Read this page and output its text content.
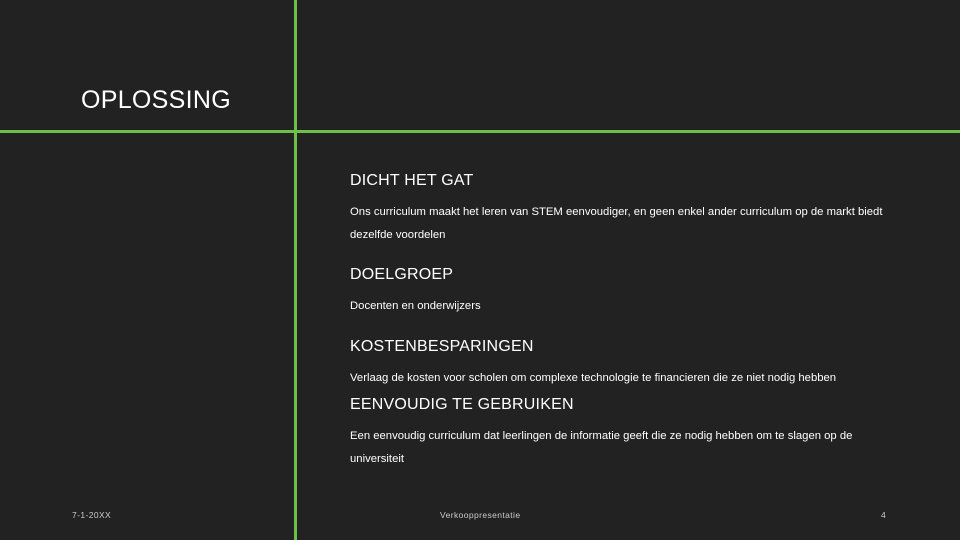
OPLOSSING
DICHT HET GAT
Ons curriculum maakt het leren van STEM eenvoudiger, en geen enkel ander curriculum op de markt biedt dezelfde voordelen
DOELGROEP
Docenten en onderwijzers
KOSTENBESPARINGEN
Verlaag de kosten voor scholen om complexe technologie te financieren die ze niet nodig hebben
EENVOUDIG TE GEBRUIKEN
Een eenvoudig curriculum dat leerlingen de informatie geeft die ze nodig hebben om te slagen op de universiteit
7-1-20XX	Verkooppresentatie	4
